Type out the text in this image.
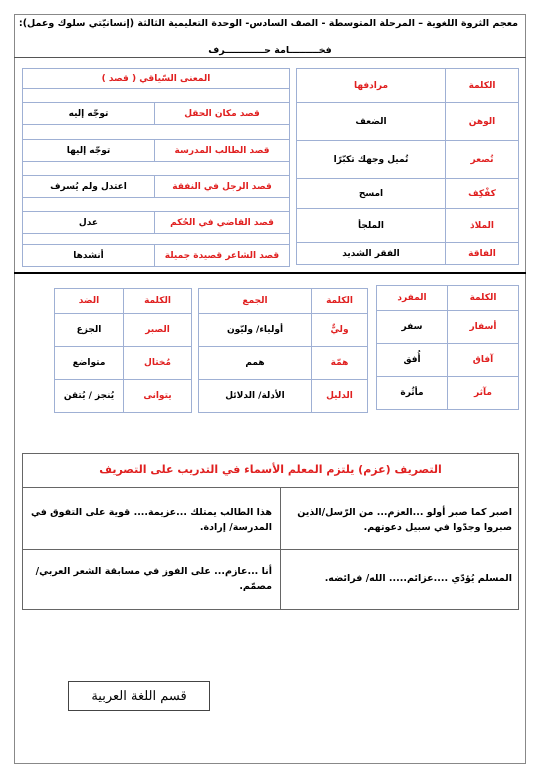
معجم الثروة اللغوية – المرحلة المتوسطة - الصف السادس- الوحدة التعليمية الثالثة (إنسانيّتي سلوك وعمل):
فخـــــــــامة حــــــــــــرف
الكلمة	مرادفها
الوهن	الضعف
تُصعر	تُميل وجهك تكبّرًا
كفْكِف	امسح
الملاذ	الملجأ
الفاقة	الفقر الشديد
المعنى السّياقي ( قصد )	

قصد مكان الحقل	توجّه إليه

قصد الطالب المدرسة	توجّه إليها

قصد الرجل في النفقة	اعتدل ولم يُسرف

قصد القاضي في الحُكم	عدل

قصد الشاعر قصيدة جميلة	أنشدها
الكلمة	المفرد
أسفار	سفر
آفاق	أُفق
مآثر	مأثُرة
الكلمة	الجمع
وليٌّ	أولياء/ وليّون
همّة	همم
الدليل	الأدلة/ الدلائل
الكلمة	الضد
الصبر	الجزع
مُختال	متواضع
يتوانى	يُنجز / يُتقن
التصريف (عزم) يلتزم المعلم الأسماء في التدريب على التصريف
اصبر كما صبر أولو ...العزم... من الرّسل/الذين صبروا وجدّوا في سبيل دعوتهم.
هذا الطالب يمتلك ...عزيمة.... قوية على التفوق في المدرسة/ إرادة.
المسلم يُؤدّي ....عزائم..... الله/ فرائضه.
أنا ...عازم... على الفوز في مسابقة الشعر العربي/ مصمّم.
قسم اللغة العربية
